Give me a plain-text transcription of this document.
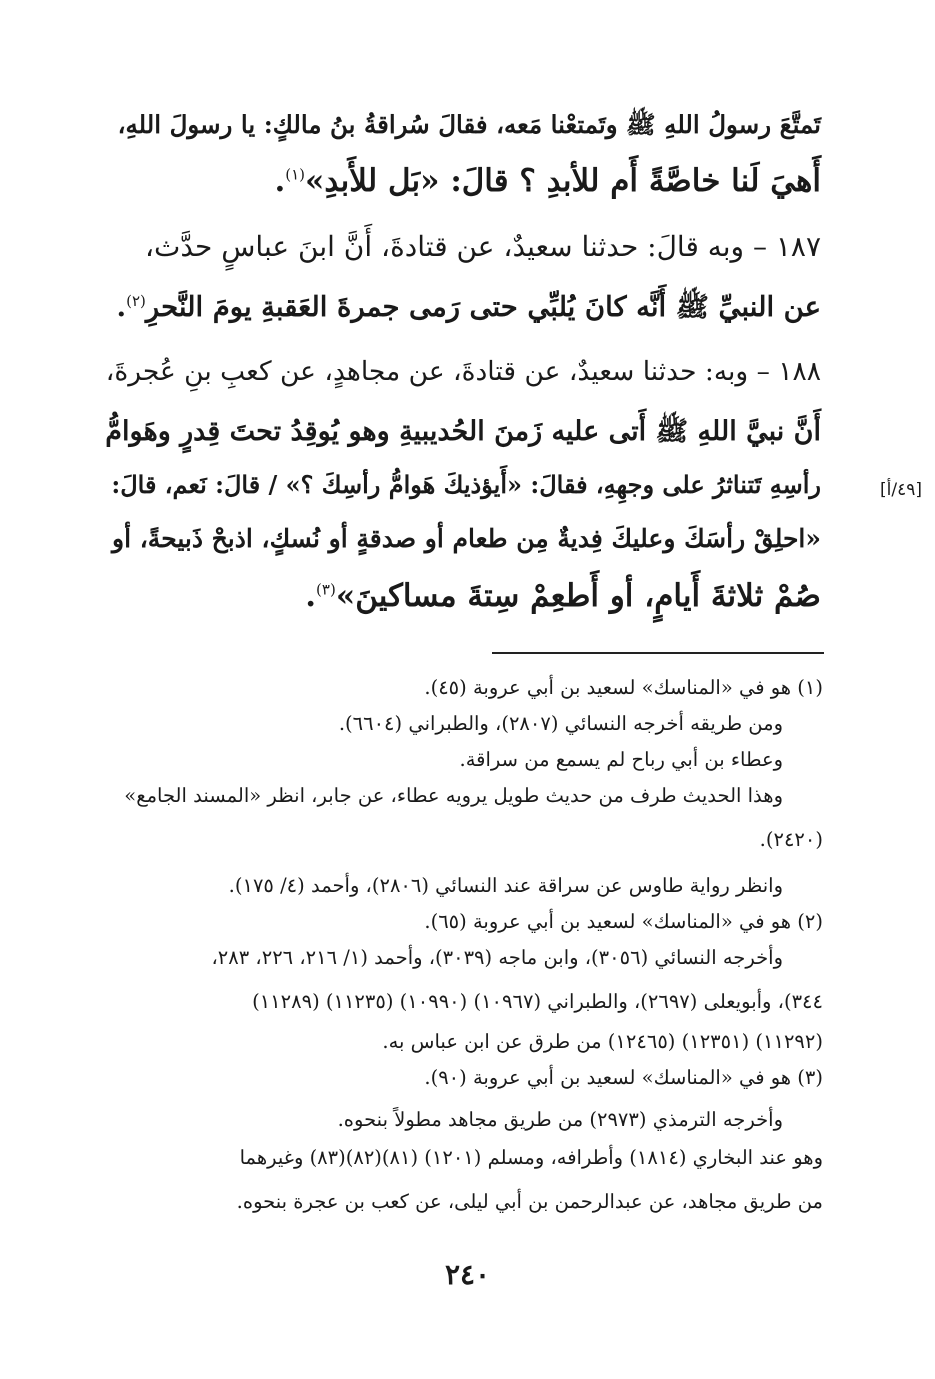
تَمتَّعَ رسولُ اللهِ ﷺ وتَمتعْنا مَعه، فقالَ سُراقةُ بنُ مالكٍ: يا رسولَ اللهِ،

أَهيَ لَنا خاصَّةً أَم للأبدِ ؟ قالَ: «بَل للأَبدِ»$^{(١)}$.

١٨٧ – وبه قالَ: حدثنا سعيدٌ، عن قتادةَ، أَنَّ ابنَ عباسٍ حدَّث،

عن النبيِّ ﷺ أَنَّه كانَ يُلبِّي حتى رَمى جمرةَ العَقبةِ يومَ النَّحرِ$^{(٢)}$.

١٨٨ – وبه: حدثنا سعيدٌ، عن قتادةَ، عن مجاهدٍ، عن كعبِ بنِ عُجرةَ،

أَنَّ نبيَّ اللهِ ﷺ أَتى عليه زَمنَ الحُديبيةِ وهو يُوقِدُ تحتَ قِدرٍ وهَوامُّ

رأسِهِ تَتناثرُ على وجهِهِ، فقالَ: «أَيؤذيكَ هَوامُّ رأسِكَ ؟» / قالَ: نَعم، قالَ:

«احلِقْ رأسَكَ وعليكَ فِديةٌ مِن طعام أو صدقةٍ أو نُسكٍ، اذبحْ ذَبيحةً، أو

صُمْ ثلاثةَ أَيامٍ، أو أَطعِمْ سِتةَ مساكينَ»$^{(٣)}$.

[٤٩/أ]

(١) هو في «المناسك» لسعيد بن أبي عروبة (٤٥).

ومن طريقه أخرجه النسائي (٢٨٠٧)، والطبراني (٦٦٠٤).

وعطاء بن أبي رباح لم يسمع من سراقة.

وهذا الحديث طرف من حديث طويل يرويه عطاء، عن جابر، انظر «المسند الجامع»

(٢٤٢٠).

وانظر رواية طاوس عن سراقة عند النسائي (٢٨٠٦)، وأحمد (٤/ ١٧٥).

(٢) هو في «المناسك» لسعيد بن أبي عروبة (٦٥).

وأخرجه النسائي (٣٠٥٦)، وابن ماجه (٣٠٣٩)، وأحمد (١/ ٢١٦، ٢٢٦، ٢٨٣،

٣٤٤)، وأبويعلى (٢٦٩٧)، والطبراني (١٠٩٦٧) (١٠٩٩٠) (١١٢٣٥) (١١٢٨٩)

(١١٢٩٢) (١٢٣٥١) (١٢٤٦٥) من طرق عن ابن عباس به.

(٣) هو في «المناسك» لسعيد بن أبي عروبة (٩٠).

وأخرجه الترمذي (٢٩٧٣) من طريق مجاهد مطولاً بنحوه.

وهو عند البخاري (١٨١٤) وأطرافه، ومسلم (١٢٠١) (٨١)(٨٢)(٨٣) وغيرهما

من طريق مجاهد، عن عبدالرحمن بن أبي ليلى، عن كعب بن عجرة بنحوه.

٢٤٠
